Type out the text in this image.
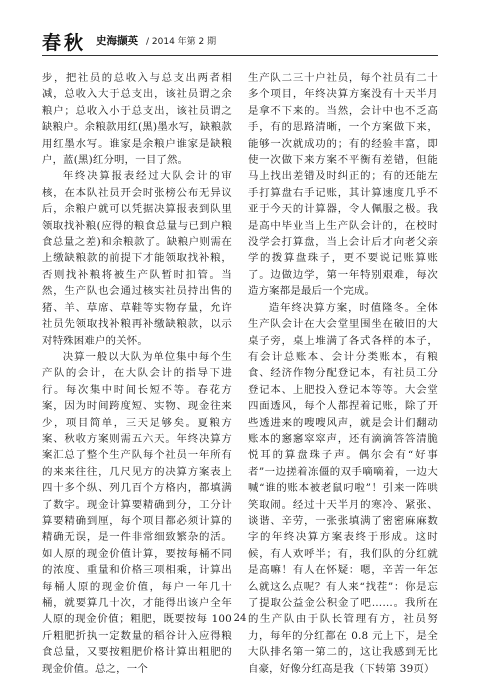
春秋 史海撷英 / 2014 年第 2 期

步，把社员的总收入与总支出两者相减，总收入大于总支出，该社员谓之余粮户；总收入小于总支出，该社员谓之缺粮户。余粮款用红(黑)墨水写，缺粮款用红墨水写。谁家是余粮户谁家是缺粮户，蓝(黑)红分明，一目了然。

年终决算报表经过大队会计的审核，在本队社员开会时张榜公布无异议后，余粮户就可以凭据决算报表到队里领取找补粮(应得的粮食总量与已到户粮食总量之差)和余粮款了。缺粮户则需在上缴缺粮款的前提下才能领取找补粮，否则找补粮将被生产队暂时扣管。当然，生产队也会通过核实社员持出售的猪、羊、草席、草鞋等实物存量，允许社员先领取找补粮再补缴缺粮款，以示对特殊困难户的关怀。

决算一般以大队为单位集中每个生产队的会计，在大队会计的指导下进行。每次集中时间长短不等。春花方案，因为时间跨度短、实物、现金往来少，项目简单，三天足够矣。夏粮方案、秋收方案则需五六天。年终决算方案汇总了整个生产队每个社员一年所有的来来往往，几尺见方的决算方案表上四十多个纵、列几百个方格内，都填满了数字。现金计算要精确到分，工分计算要精确到厘，每个项目都必须计算的精确无误，是一件非常细致繁杂的活。如人原的现金价值计算，要按每桶不同的浓度、重量和价格三项相乘，计算出每桶人原的现金价值，每户一年几十桶，就要算几十次，才能得出该户全年人原的现金价值；粗肥，既要按每 100 斤粗肥折执一定数量的稻谷计入应得粮食总量，又要按粗肥价格计算出粗肥的现金价值。总之，一个

生产队二三十户社员，每个社员有二十多个项目，年终决算方案没有十天半月是拿不下来的。当然，会计中也不乏高手，有的思路清晰，一个方案做下来，能够一次就成功的；有的经验丰富，即使一次做下来方案不平衡有差错，但能马上找出差错及时纠正的；有的还能左手打算盘右手记账，其计算速度几乎不亚于今天的计算器，令人佩服之极。我是高中毕业当上生产队会计的，在校时没学会打算盘，当上会计后才向老父亲学的拨算盘珠子，更不要说记账算账了。边做边学，第一年特别艰难，每次造方案都是最后一个完成。

造年终决算方案，时值隆冬。全体生产队会计在大会堂里围坐在破旧的大桌子旁，桌上堆满了各式各样的本子，有会计总账本、会计分类账本，有粮食、经济作物分配登记本，有社员工分登记本、上肥投入登记本等等。大会堂四面透风，每个人都捏着记账，除了开些透进来的嗖嗖风声，就是会计们翻动账本的窸窸窣窣声，还有滴滴答答清脆悦耳的算盘珠子声。偶尔会有“好事者”一边搓着冻僵的双手嘀嘀着，一边大喊“谁的账本被老鼠叼啦”！引来一阵哄笑取闹。经过十天半月的寒冷、紧张、谈谐、辛劳，一张张填满了密密麻麻数字的年终决算方案表终于形成。这时候，有人欢呼半；有，我们队的分红就是高嘛！有人在怀疑：嗯，辛苦一年怎么就这么点呢？有人来“找茬”：你是忘了提取公益金公积金了吧……。我所在的生产队由于队长管理有方，社员努力，每年的分红都在 0.8 元上下，是全大队排名第一第二的，这让我感到无比自豪，好像分红高是我（下转第 39页）

24
